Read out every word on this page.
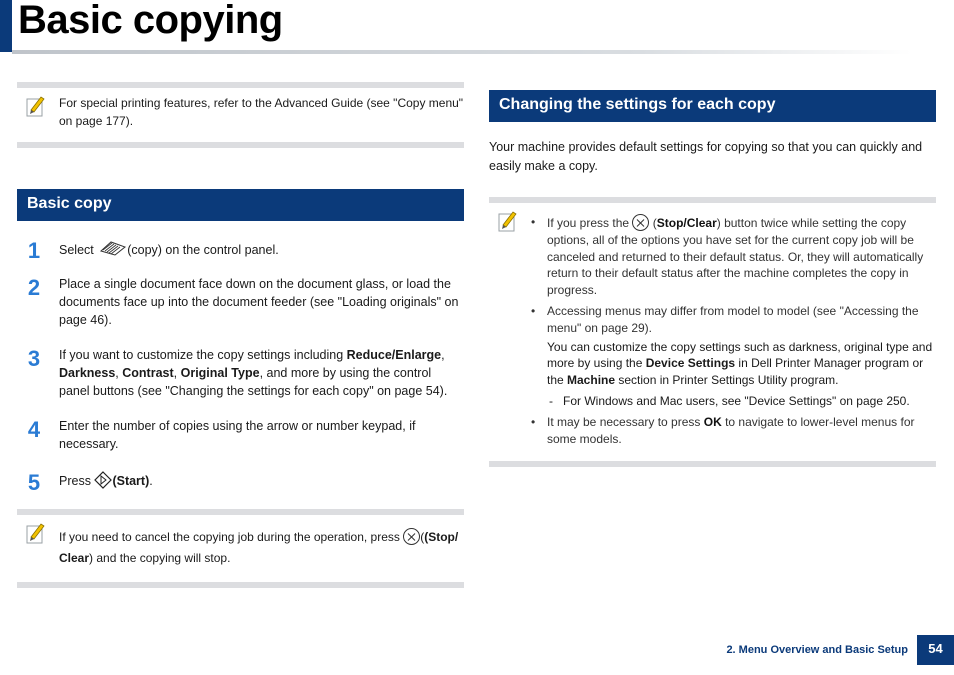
Basic copying
For special printing features, refer to the Advanced Guide (see "Copy menu" on page 177).
Basic copy
1	Select (copy) on the control panel.
2	Place a single document face down on the document glass, or load the documents face up into the document feeder (see "Loading originals" on page 46).
3	If you want to customize the copy settings including Reduce/Enlarge, Darkness, Contrast, Original Type, and more by using the control panel buttons (see "Changing the settings for each copy" on page 54).
4	Enter the number of copies using the arrow or number keypad, if necessary.
5	Press (Start).
If you need to cancel the copying job during the operation, press ((Stop/
Clear) and the copying will stop.
Changing the settings for each copy
Your machine provides default settings for copying so that you can quickly and easily make a copy.
• If you press the  (Stop/Clear) button twice while setting the copy options, all of the options you have set for the current copy job will be canceled and returned to their default status. Or, they will automatically return to their default status after the machine completes the copy in progress.
• Accessing menus may differ from model to model (see "Accessing the menu" on page 29).
You can customize the copy settings such as darkness, original type and more by using the Device Settings in Dell Printer Manager program or the Machine section in Printer Settings Utility program.
- For Windows and Mac users, see "Device Settings" on page 250.
• It may be necessary to press OK to navigate to lower-level menus for some models.
2. Menu Overview and Basic Setup	54
